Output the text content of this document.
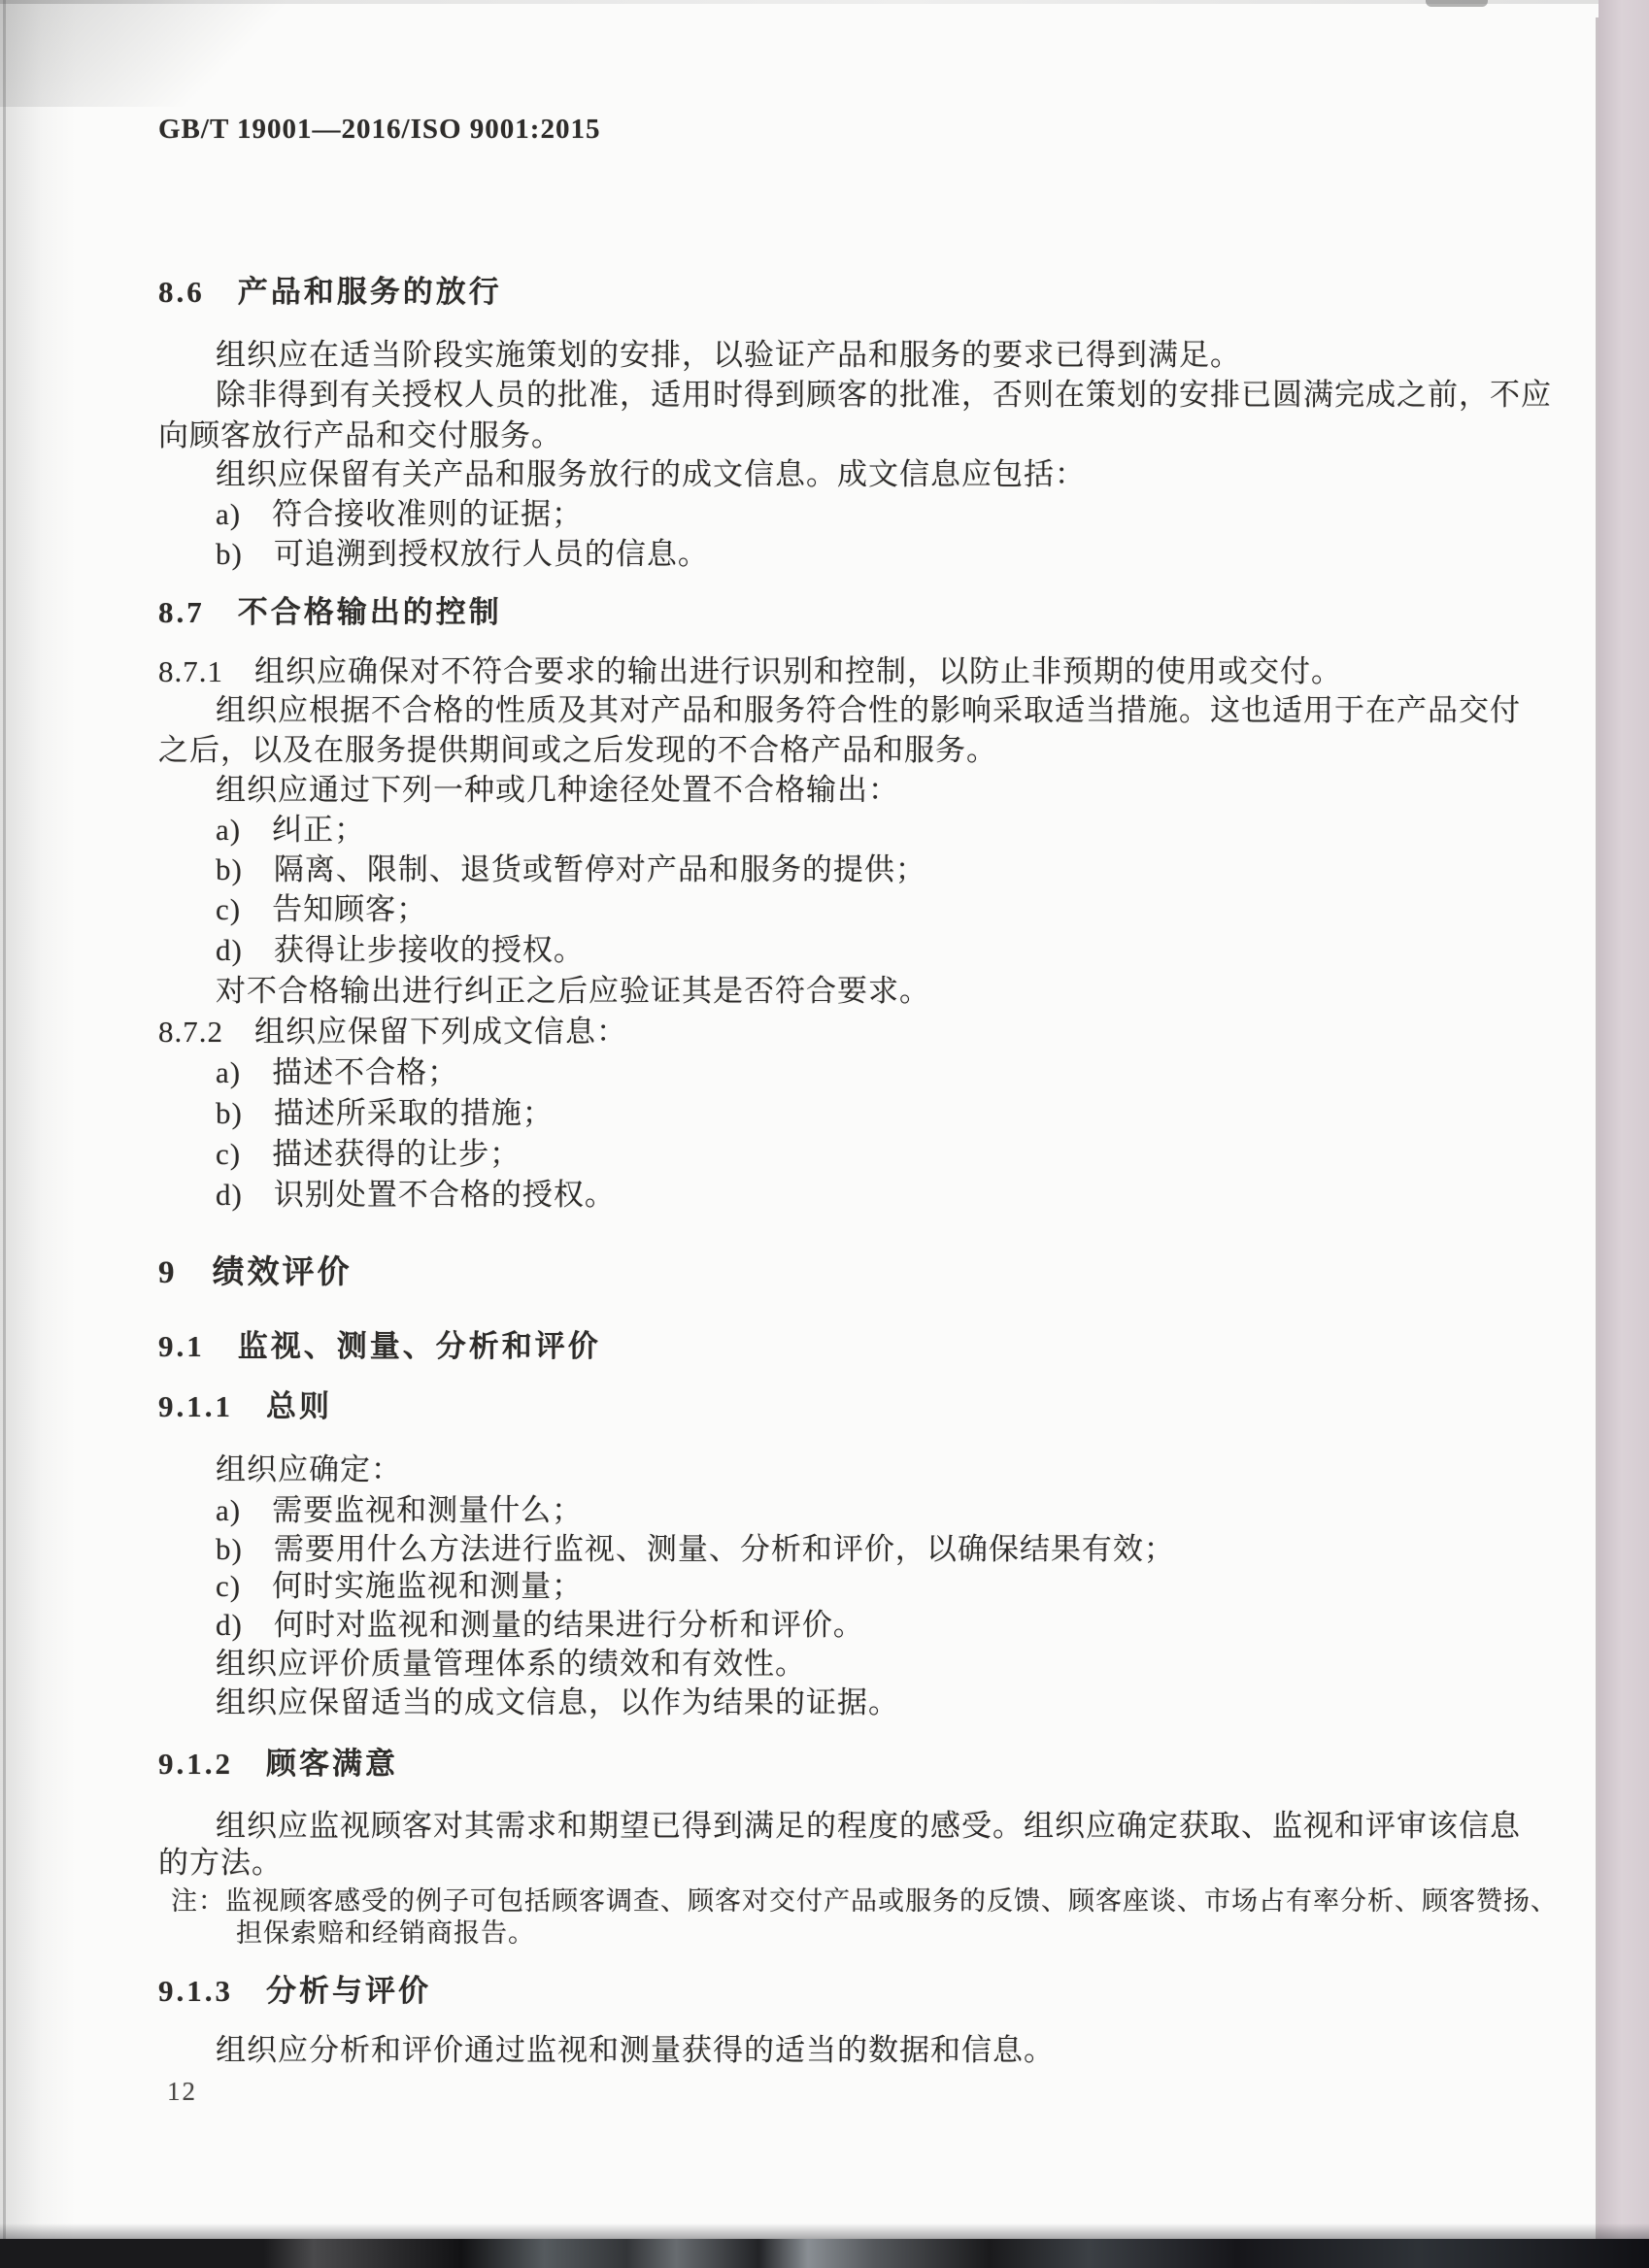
GB/T 19001—2016/ISO 9001:2015
8.6　产品和服务的放行
组织应在适当阶段实施策划的安排，以验证产品和服务的要求已得到满足。
除非得到有关授权人员的批准，适用时得到顾客的批准，否则在策划的安排已圆满完成之前，不应
向顾客放行产品和交付服务。
组织应保留有关产品和服务放行的成文信息。成文信息应包括：
a)　符合接收准则的证据；
b)　可追溯到授权放行人员的信息。
8.7　不合格输出的控制
8.7.1　组织应确保对不符合要求的输出进行识别和控制，以防止非预期的使用或交付。
组织应根据不合格的性质及其对产品和服务符合性的影响采取适当措施。这也适用于在产品交付
之后，以及在服务提供期间或之后发现的不合格产品和服务。
组织应通过下列一种或几种途径处置不合格输出：
a)　纠正；
b)　隔离、限制、退货或暂停对产品和服务的提供；
c)　告知顾客；
d)　获得让步接收的授权。
对不合格输出进行纠正之后应验证其是否符合要求。
8.7.2　组织应保留下列成文信息：
a)　描述不合格；
b)　描述所采取的措施；
c)　描述获得的让步；
d)　识别处置不合格的授权。
9　绩效评价
9.1　监视、测量、分析和评价
9.1.1　总则
组织应确定：
a)　需要监视和测量什么；
b)　需要用什么方法进行监视、测量、分析和评价，以确保结果有效；
c)　何时实施监视和测量；
d)　何时对监视和测量的结果进行分析和评价。
组织应评价质量管理体系的绩效和有效性。
组织应保留适当的成文信息，以作为结果的证据。
9.1.2　顾客满意
组织应监视顾客对其需求和期望已得到满足的程度的感受。组织应确定获取、监视和评审该信息
的方法。
注：监视顾客感受的例子可包括顾客调查、顾客对交付产品或服务的反馈、顾客座谈、市场占有率分析、顾客赞扬、
担保索赔和经销商报告。
9.1.3　分析与评价
组织应分析和评价通过监视和测量获得的适当的数据和信息。
12
